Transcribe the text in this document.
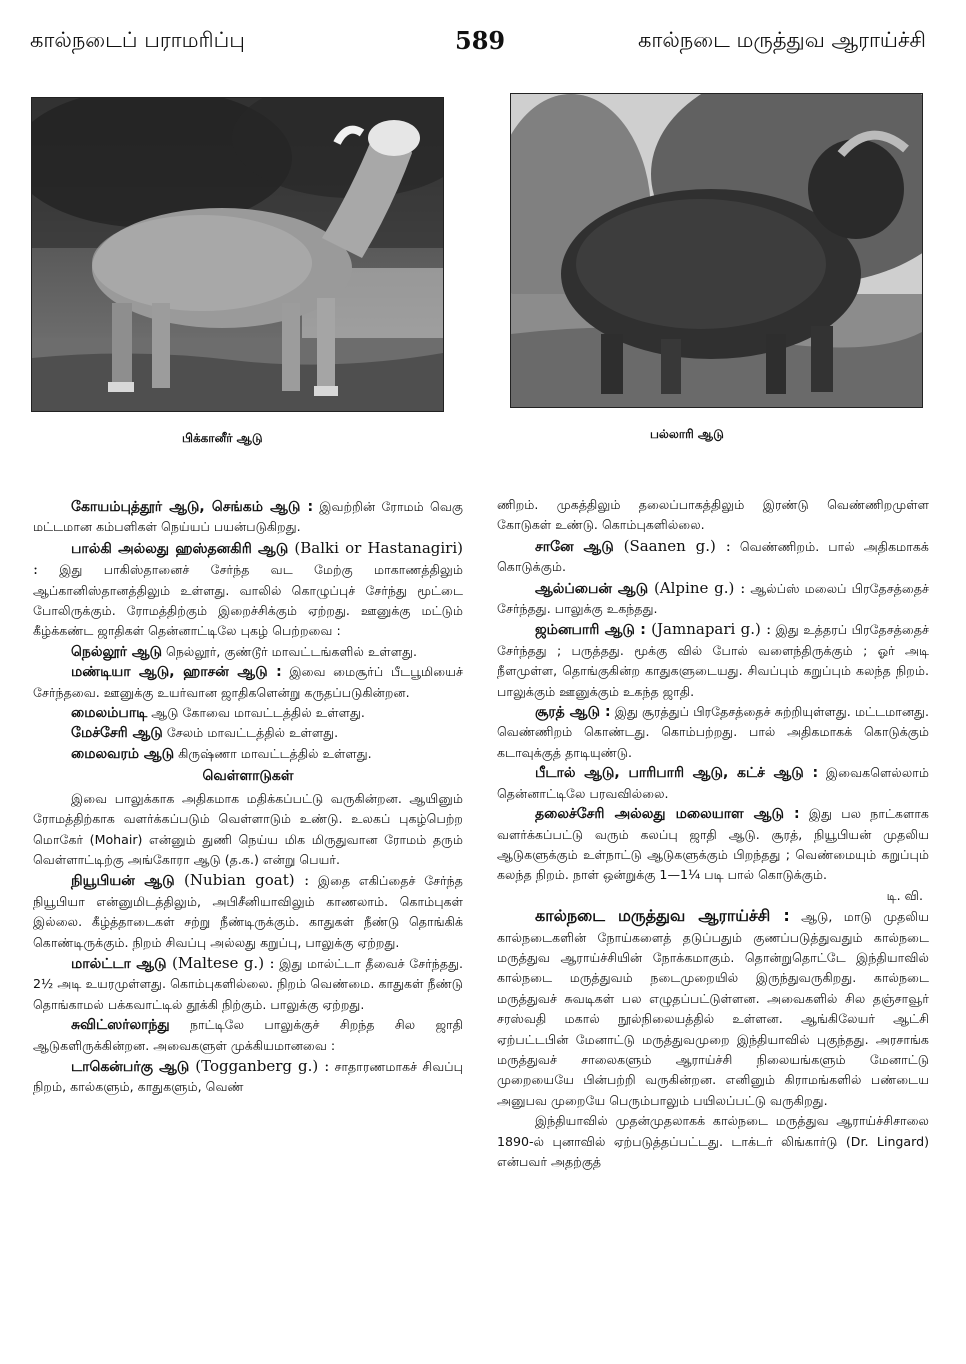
கால்நடைப் பராமரிப்பு	589	கால்நடை மருத்துவ ஆராய்ச்சி
பிக்கானீர் ஆடு	பல்லாரி ஆடு

கோயம்புத்தூர் ஆடு, செங்கம் ஆடு : இவற்றின் ரோமம் வெகு மட்டமான கம்பளிகள் நெய்யப் பயன்படுகிறது.

பால்கி அல்லது ஹஸ்தனகிரி ஆடு (Balki or Hastanagiri) : இது பாகிஸ்தானைச் சேர்ந்த வட மேற்கு மாகாணத்திலும் ஆப்கானிஸ்தானத்திலும் உள்ளது. வாலில் கொழுப்புச் சேர்ந்து மூட்டை போலிருக்கும். ரோமத்திற்கும் இறைச்சிக்கும் ஏற்றது. ஊனுக்கு மட்டும் கீழ்க்கண்ட ஜாதிகள் தென்னாட்டிலே புகழ் பெற்றவை :

நெல்லூர் ஆடு நெல்லூர், குண்டூர் மாவட்டங்களில் உள்ளது.

மண்டியா ஆடு, ஹாசன் ஆடு : இவை மைசூர்ப் பீடபூமியைச் சேர்ந்தவை. ஊனுக்கு உயர்வான ஜாதிகளென்று கருதப்படுகின்றன.

மைலம்பாடி ஆடு கோவை மாவட்டத்தில் உள்ளது.

மேச்சேரி ஆடு சேலம் மாவட்டத்தில் உள்ளது.

மைலவரம் ஆடு கிருஷ்ணா மாவட்டத்தில் உள்ளது.

வெள்ளாடுகள்

இவை பாலுக்காக அதிகமாக மதிக்கப்பட்டு வருகின்றன. ஆயினும் ரோமத்திற்காக வளர்க்கப்படும் வெள்ளாடும் உண்டு. உலகப் புகழ்பெற்ற மொகேர் (Mohair) என்னும் துணி நெய்ய மிக மிருதுவான ரோமம் தரும் வெள்ளாட்டிற்கு அங்கோரா ஆடு (த.க.) என்று பெயர்.

நியூபியன் ஆடு (Nubian goat) : இதை எகிப்தைச் சேர்ந்த நியூபியா என்னுமிடத்திலும், அபிசீனியாவிலும் காணலாம். கொம்புகள் இல்லை. கீழ்த்தாடைகள் சற்று நீண்டிருக்கும். காதுகள் நீண்டு தொங்கிக் கொண்டிருக்கும். நிறம் சிவப்பு அல்லது கறுப்பு, பாலுக்கு ஏற்றது.

மால்ட்டா ஆடு (Maltese g.) : இது மால்ட்டா தீவைச் சேர்ந்தது. 2½ அடி உயரமுள்ளது. கொம்புகளில்லை. நிறம் வெண்மை. காதுகள் நீண்டு தொங்காமல் பக்கவாட்டில் தூக்கி நிற்கும். பாலுக்கு ஏற்றது.

சுவிட்ஸர்லாந்து நாட்டிலே பாலுக்குச் சிறந்த சில ஜாதி ஆடுகளிருக்கின்றன. அவைகளுள் முக்கியமானவை :

டாகென்பர்கு ஆடு (Togganberg g.) : சாதாரணமாகச் சிவப்பு நிறம், கால்களும், காதுகளும், வெண்

ணிறம். முகத்திலும் தலைப்பாகத்திலும் இரண்டு வெண்ணிறமுள்ள கோடுகள் உண்டு. கொம்புகளில்லை.

சானே ஆடு (Saanen g.) : வெண்ணிறம். பால் அதிகமாகக் கொடுக்கும்.

ஆல்ப்பைன் ஆடு (Alpine g.) : ஆல்ப்ஸ் மலைப் பிரதேசத்தைச் சேர்ந்தது. பாலுக்கு உகந்தது.

ஜம்னபாரி ஆடு : (Jamnapari g.) : இது உத்தரப் பிரதேசத்தைச் சேர்ந்தது ; பருத்தது. மூக்கு வில் போல் வளைந்திருக்கும் ; ஓர் அடி நீளமுள்ள, தொங்குகின்ற காதுகளுடையது. சிவப்பும் கறுப்பும் கலந்த நிறம். பாலுக்கும் ஊனுக்கும் உகந்த ஜாதி.

சூரத் ஆடு : இது சூரத்துப் பிரதேசத்தைச் சுற்றியுள்ளது. மட்டமானது. வெண்ணிறம் கொண்டது. கொம்பற்றது. பால் அதிகமாகக் கொடுக்கும் கடாவுக்குத் தாடியுண்டு.

பீடால் ஆடு, பாரிபாரி ஆடு, கட்ச் ஆடு : இவைகளெல்லாம் தென்னாட்டிலே பரவவில்லை.

தலைச்சேரி அல்லது மலையாள ஆடு : இது பல நாட்களாக வளர்க்கப்பட்டு வரும் கலப்பு ஜாதி ஆடு. சூரத், நியூபியன் முதலிய ஆடுகளுக்கும் உள்நாட்டு ஆடுகளுக்கும் பிறந்தது ; வெண்மையும் கறுப்பும் கலந்த நிறம். நாள் ஒன்றுக்கு 1—1¼ படி பால் கொடுக்கும்.

டி. வி.

கால்நடை மருத்துவ ஆராய்ச்சி : ஆடு, மாடு முதலிய கால்நடைகளின் நோய்களைத் தடுப்பதும் குணப்படுத்துவதும் கால்நடை மருத்துவ ஆராய்ச்சியின் நோக்கமாகும். தொன்றுதொட்டே இந்தியாவில் கால்நடை மருத்துவம் நடைமுறையில் இருந்துவருகிறது. கால்நடை மருத்துவச் சுவடிகள் பல எழுதப்பட்டுள்ளன. அவைகளில் சில தஞ்சாவூர் சரஸ்வதி மகால் நூல்நிலையத்தில் உள்ளன. ஆங்கிலேயர் ஆட்சி ஏற்பட்டபின் மேனாட்டு மருத்துவமுறை இந்தியாவில் புகுந்தது. அரசாங்க மருத்துவச் சாலைகளும் ஆராய்ச்சி நிலையங்களும் மேனாட்டு முறையையே பின்பற்றி வருகின்றன. எனினும் கிராமங்களில் பண்டைய அனுபவ முறையே பெரும்பாலும் பயிலப்பட்டு வருகிறது.

இந்தியாவில் முதன்முதலாகக் கால்நடை மருத்துவ ஆராய்ச்சிசாலை 1890-ல் புனாவில் ஏற்படுத்தப்பட்டது. டாக்டர் லிங்கார்டு (Dr. Lingard) என்பவர் அதற்குத்
